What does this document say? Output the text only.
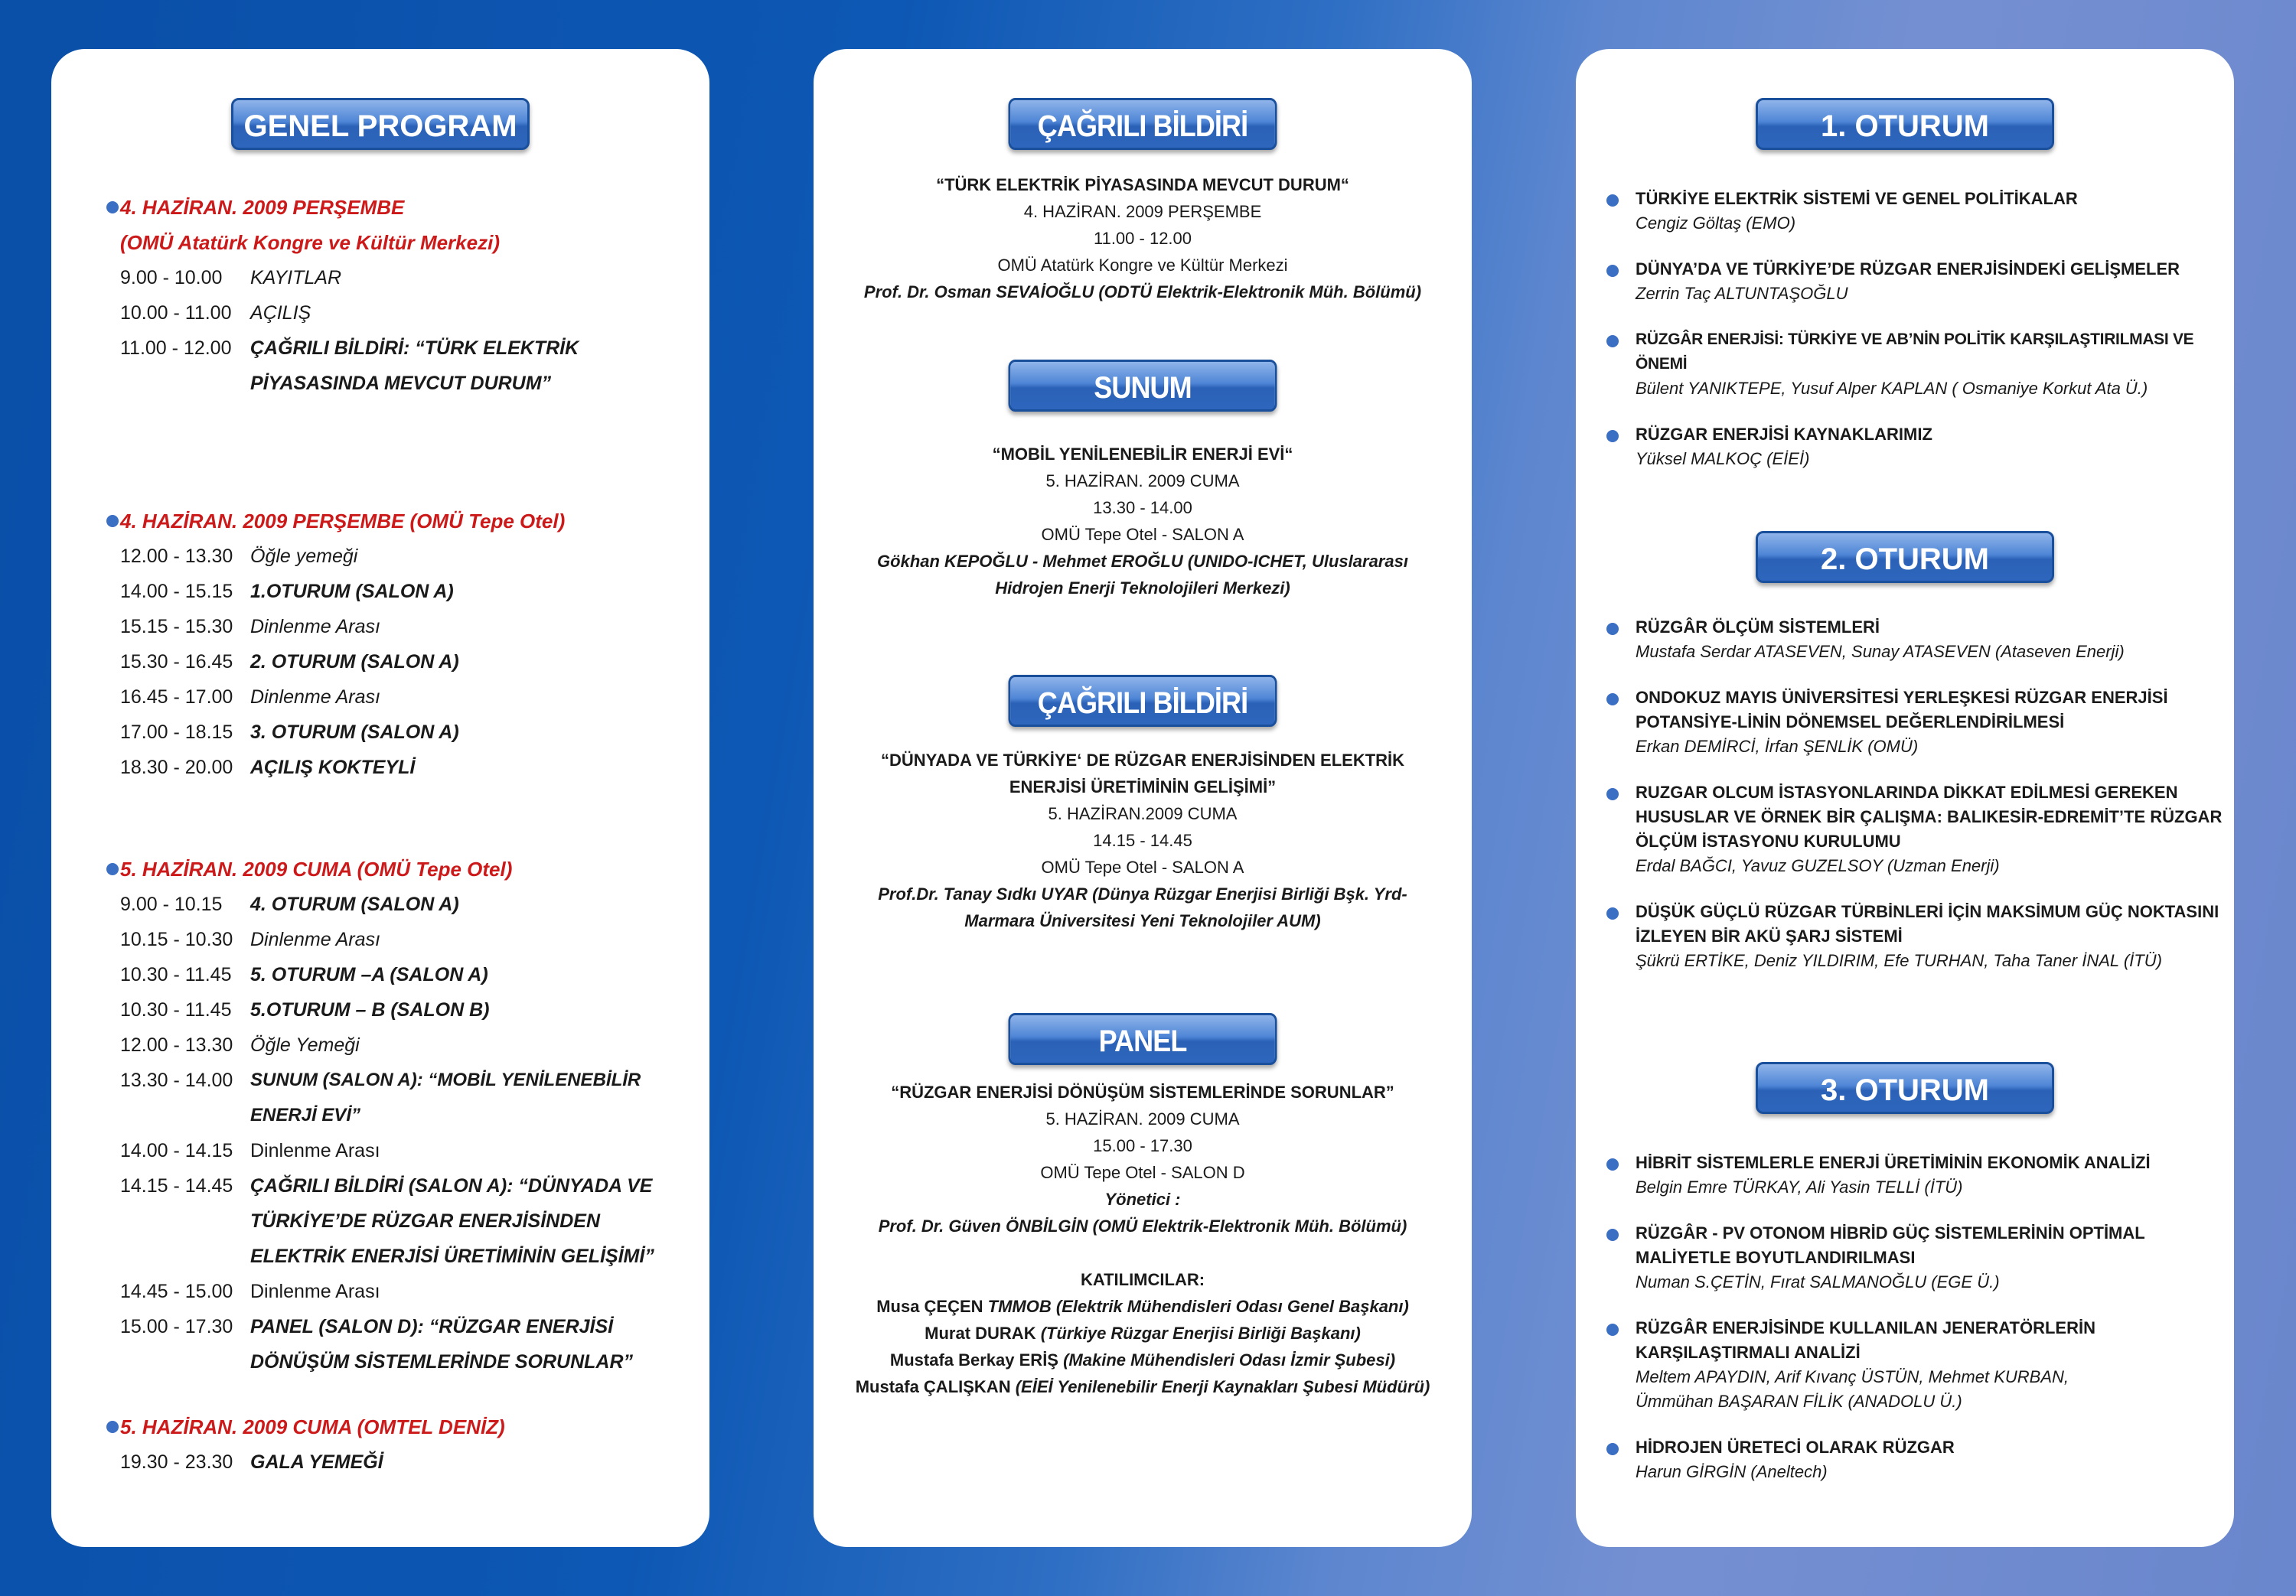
GENEL PROGRAM
4. HAZİRAN. 2009 PERŞEMBE
(OMÜ Atatürk Kongre ve Kültür Merkezi)
9.00 - 10.00	KAYITLAR
10.00 - 11.00 AÇILIŞ
11.00 - 12.00 ÇAĞRILI BİLDİRİ: “TÜRK ELEKTRİK PİYASASINDA MEVCUT DURUM”
4. HAZİRAN. 2009 PERŞEMBE (OMÜ Tepe Otel)
12.00 - 13.30 Öğle yemeği
14.00 - 15.15 1.OTURUM (SALON A)
15.15 - 15.30 Dinlenme Arası
15.30 - 16.45 2. OTURUM (SALON A)
16.45 - 17.00 Dinlenme Arası
17.00 - 18.15 3. OTURUM (SALON A)
18.30 - 20.00 AÇILIŞ KOKTEYLİ
5. HAZİRAN. 2009 CUMA (OMÜ Tepe Otel)
9.00 - 10.15	4. OTURUM (SALON A)
10.15 - 10.30 Dinlenme Arası
10.30 - 11.45 5. OTURUM –A (SALON A)
10.30 - 11.45 5.OTURUM – B (SALON B)
12.00 - 13.30 Öğle Yemeği
13.30 - 14.00 SUNUM (SALON A): “MOBİL YENİLENEBİLİR ENERJİ EVİ”
14.00 - 14.15 Dinlenme Arası
14.15 - 14.45 ÇAĞRILI BİLDİRİ (SALON A): “DÜNYADA VE TÜRKİYE’DE RÜZGAR ENERJİSİNDEN ELEKTRİK ENERJİSİ ÜRETİMİNİN GELİŞİMİ”
14.45 - 15.00 Dinlenme Arası
15.00 - 17.30 PANEL (SALON D): “RÜZGAR ENERJİSİ DÖNÜŞÜM SİSTEMLERİNDE SORUNLAR”
5. HAZİRAN. 2009 CUMA (OMTEL DENİZ)
19.30 - 23.30 GALA YEMEĞİ
ÇAĞRILI BİLDİRİ
“TÜRK ELEKTRİK PİYASASINDA MEVCUT DURUM“
4. HAZİRAN. 2009 PERŞEMBE
11.00 - 12.00
OMÜ Atatürk Kongre ve Kültür Merkezi
Prof. Dr. Osman SEVAİOĞLU (ODTÜ Elektrik-Elektronik Müh. Bölümü)
SUNUM
“MOBİL YENİLENEBİLİR ENERJİ EVİ“
5. HAZİRAN. 2009 CUMA
13.30 - 14.00
OMÜ Tepe Otel - SALON A
Gökhan KEPOĞLU - Mehmet EROĞLU (UNIDO-ICHET, Uluslararası Hidrojen Enerji Teknolojileri Merkezi)
ÇAĞRILI BİLDİRİ
“DÜNYADA VE TÜRKİYE‘ DE RÜZGAR ENERJİSİNDEN ELEKTRİK ENERJİSİ ÜRETİMİNİN GELİŞİMİ”
5. HAZİRAN.2009 CUMA
14.15 - 14.45
OMÜ Tepe Otel - SALON A
Prof.Dr. Tanay Sıdkı UYAR (Dünya Rüzgar Enerjisi Birliği Bşk. Yrd- Marmara Üniversitesi Yeni Teknolojiler AUM)
PANEL
“RÜZGAR ENERJİSİ DÖNÜŞÜM SİSTEMLERİNDE SORUNLAR”
5. HAZİRAN. 2009 CUMA
15.00 - 17.30
OMÜ Tepe Otel - SALON D
Yönetici :
Prof. Dr. Güven ÖNBİLGİN (OMÜ Elektrik-Elektronik Müh. Bölümü)
KATILIMCILAR:
Musa ÇEÇEN TMMOB (Elektrik Mühendisleri Odası Genel Başkanı)
Murat DURAK (Türkiye Rüzgar Enerjisi Birliği Başkanı)
Mustafa Berkay ERİŞ (Makine Mühendisleri Odası İzmir Şubesi)
Mustafa ÇALIŞKAN (EİEİ Yenilenebilir Enerji Kaynakları Şubesi Müdürü)
1. OTURUM
TÜRKİYE ELEKTRİK SİSTEMİ VE GENEL POLİTİKALAR
Cengiz Göltaş (EMO)
DÜNYA’DA VE TÜRKİYE’DE RÜZGAR ENERJİSİNDEKİ GELİŞMELER
Zerrin Taç ALTUNTAŞOĞLU
RÜZGÂR ENERJİSİ: TÜRKİYE VE AB’NİN POLİTİK KARŞILAŞTIRILMASI VE ÖNEMİ
Bülent YANIKTEPE, Yusuf Alper KAPLAN ( Osmaniye Korkut Ata Ü.)
RÜZGAR ENERJİSİ KAYNAKLARIMIZ
Yüksel MALKOÇ (EİEİ)
2. OTURUM
RÜZGÂR ÖLÇÜM SİSTEMLERİ
Mustafa Serdar ATASEVEN, Sunay ATASEVEN (Ataseven Enerji)
ONDOKUZ MAYIS ÜNİVERSİTESİ YERLEŞKESİ RÜZGAR ENERJİSİ POTANSİYE-LİNİN DÖNEMSEL DEĞERLENDİRİLMESİ
Erkan DEMİRCİ, İrfan ŞENLİK (OMÜ)
RUZGAR OLCUM İSTASYONLARINDA DİKKAT EDİLMESİ GEREKEN HUSUSLAR VE ÖRNEK BİR ÇALIŞMA: BALIKESİR-EDREMİT’TE RÜZGAR ÖLÇÜM İSTASYONU KURULUMU
Erdal BAĞCI, Yavuz GUZELSOY (Uzman Enerji)
DÜŞÜK GÜÇLÜ RÜZGAR TÜRBİNLERİ İÇİN MAKSİMUM GÜÇ NOKTASINI İZLEYEN BİR AKÜ ŞARJ SİSTEMİ
Şükrü ERTİKE, Deniz YILDIRIM, Efe TURHAN, Taha Taner İNAL (İTÜ)
3. OTURUM
HİBRİT SİSTEMLERLE ENERJİ ÜRETİMİNİN EKONOMİK ANALİZİ
Belgin Emre TÜRKAY, Ali Yasin TELLİ (İTÜ)
RÜZGÂR - PV OTONOM HİBRİD GÜÇ SİSTEMLERİNİN OPTİMAL MALİYETLE BOYUTLANDIRILMASI
Numan S.ÇETİN, Fırat SALMANOĞLU (EGE Ü.)
RÜZGÂR ENERJİSİNDE KULLANILAN JENERATÖRLERİN KARŞILAŞTIRMALI ANALİZİ
Meltem APAYDIN, Arif Kıvanç ÜSTÜN, Mehmet KURBAN, Ümmühan BAŞARAN FİLİK (ANADOLU Ü.)
HİDROJEN ÜRETECİ OLARAK RÜZGAR
Harun GİRGİN (Aneltech)
